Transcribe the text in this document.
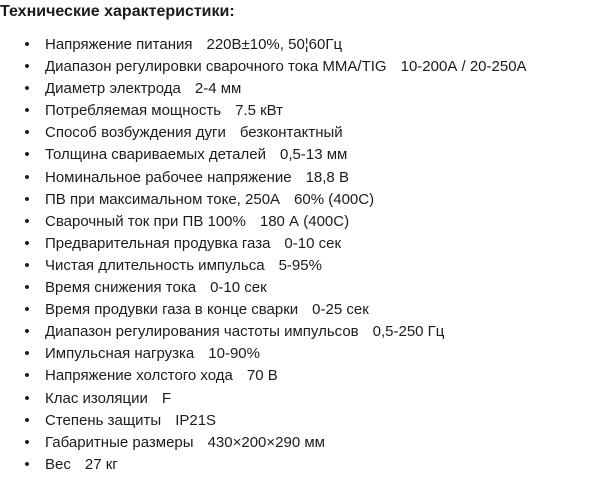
Технические характеристики:
• Напряжение питания 220В±10%, 50¦60Гц
• Диапазон регулировки сварочного тока MMA/TIG 10-200А / 20-250А
• Диаметр электрода 2-4 мм
• Потребляемая мощность 7.5 кВт
• Способ возбуждения дуги безконтактный
• Толщина свариваемых деталей 0,5-13 мм
• Номинальное рабочее напряжение 18,8 В
• ПВ при максимальном токе, 250А 60% (400С)
• Сварочный ток при ПВ 100% 180 А (400С)
• Предварительная продувка газа 0-10 сек
• Чистая длительность импульса 5-95%
• Время снижения тока 0-10 сек
• Время продувки газа в конце сварки 0-25 сек
• Диапазон регулирования частоты импульсов 0,5-250 Гц
• Импульсная нагрузка 10-90%
• Напряжение холстого хода 70 В
• Клас изоляции F
• Степень защиты IP21S
• Габаритные размеры 430×200×290 мм
• Вес 27 кг
